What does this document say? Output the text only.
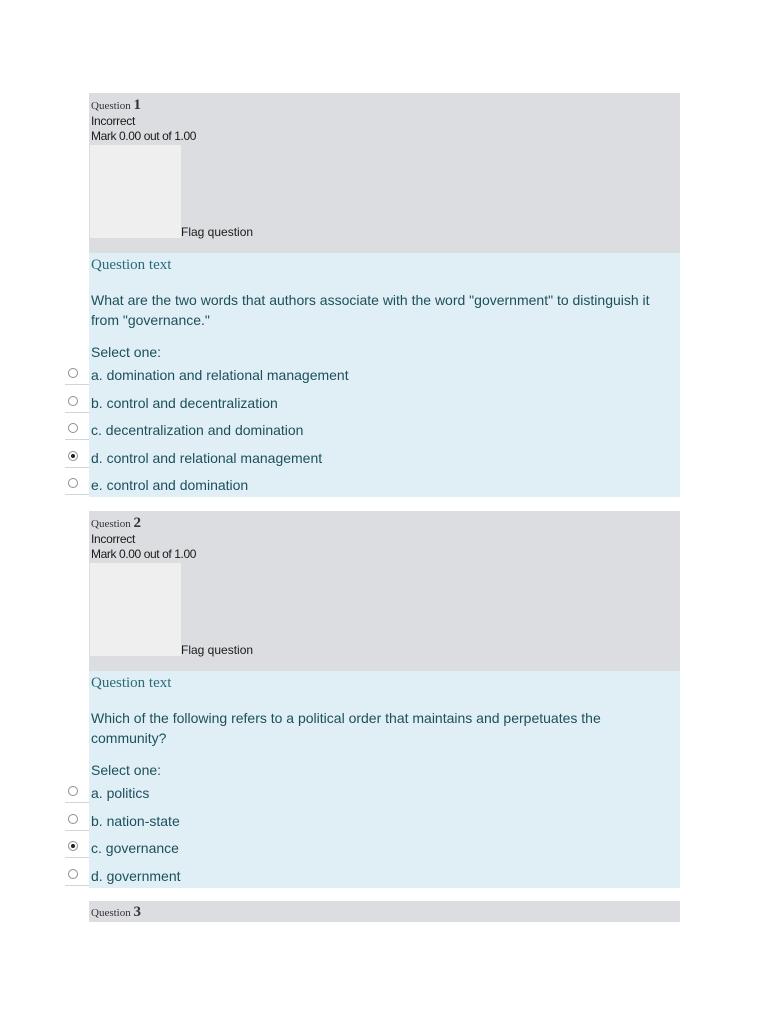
Question 1
Incorrect
Mark 0.00 out of 1.00
Flag question
Question text
What are the two words that authors associate with the word "government" to distinguish it from "governance."
Select one:
a. domination and relational management
b. control and decentralization
c. decentralization and domination
d. control and relational management
e. control and domination
Question 2
Incorrect
Mark 0.00 out of 1.00
Flag question
Question text
Which of the following refers to a political order that maintains and perpetuates the community?
Select one:
a. politics
b. nation-state
c. governance
d. government
Question 3
